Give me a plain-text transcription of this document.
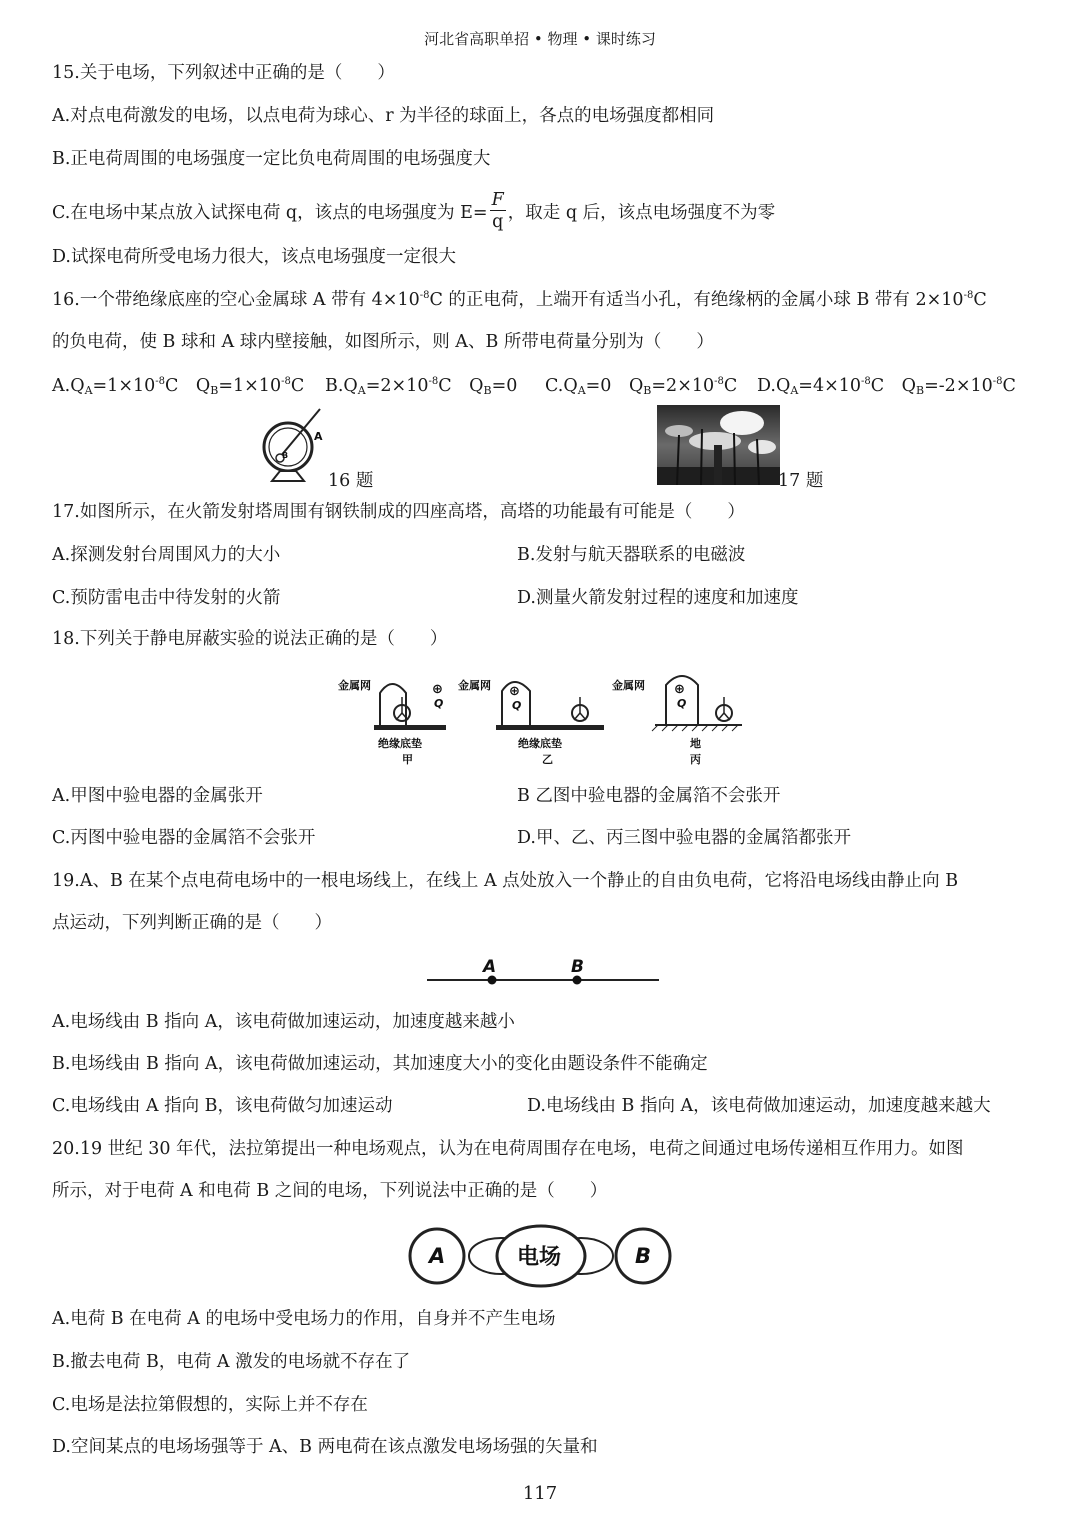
河北省高职单招 • 物理 • 课时练习
15.关于电场，下列叙述中正确的是（　　）
A.对点电荷激发的电场，以点电荷为球心、r 为半径的球面上，各点的电场强度都相同
B.正电荷周围的电场强度一定比负电荷周围的电场强度大
C.在电场中某点放入试探电荷 q，该点的电场强度为 $E= \frac{F}{q}$ ，取走 q 后，该点电场强度不为零
D.试探电荷所受电场力很大，该点电场强度一定很大
16.一个带绝缘底座的空心金属球 A 带有 $4\times 10^{-8}C$ 的正电荷，上端开有适当小孔，有绝缘柄的金属小球 B 带有 $2\times 10^{-8}C$
的负电荷，使 B 球和 A 球内壁接触，如图所示，则 A、B 所带电荷量分别为（　　）
$A.Q_A=1\times 10^{-8}C$　$Q_B=1\times 10^{-8}C$ $B.Q_A=2\times 10^{-8}C$　$Q_B=0$ $C.Q_A=0$　$Q_B=2\times 10^{-8}C$ $D.Q_A=4\times 10^{-8}C$　$Q_B=-2\times 10^{-8}C$
A
B
16 题	17 题
17.如图所示，在火箭发射塔周围有钢铁制成的四座高塔，高塔的功能最有可能是（　　）
A.探测发射台周围风力的大小	B.发射与航天器联系的电磁波
C.预防雷电击中待发射的火箭	D.测量火箭发射过程的速度和加速度
18.下列关于静电屏蔽实验的说法正确的是（　　）
金属网	⊕
Q
绝缘底垫
甲
金属网 ⊕
Q
绝缘底垫
乙
金属网 ⊕
Q
地
丙
A.甲图中验电器的金属张开	B 乙图中验电器的金属箔不会张开
C.丙图中验电器的金属箔不会张开	D.甲、乙、丙三图中验电器的金属箔都张开
19.A、B 在某个点电荷电场中的一根电场线上，在线上 A 点处放入一个静止的自由负电荷，它将沿电场线由静止向 B
点运动，下列判断正确的是（　　）
A	B
A.电场线由 B 指向 A，该电荷做加速运动，加速度越来越小
B.电场线由 B 指向 A，该电荷做加速运动，其加速度大小的变化由题设条件不能确定
C.电场线由 A 指向 B，该电荷做匀加速运动	D.电场线由 B 指向 A，该电荷做加速运动，加速度越来越大
20.19 世纪 30 年代，法拉第提出一种电场观点，认为在电荷周围存在电场，电荷之间通过电场传递相互作用力。如图
所示，对于电荷 A 和电荷 B 之间的电场，下列说法中正确的是（　　）
A	电场	B
A.电荷 B 在电荷 A 的电场中受电场力的作用，自身并不产生电场
B.撤去电荷 B，电荷 A 激发的电场就不存在了
C.电场是法拉第假想的，实际上并不存在
D.空间某点的电场场强等于 A、B 两电荷在该点激发电场场强的矢量和
117
